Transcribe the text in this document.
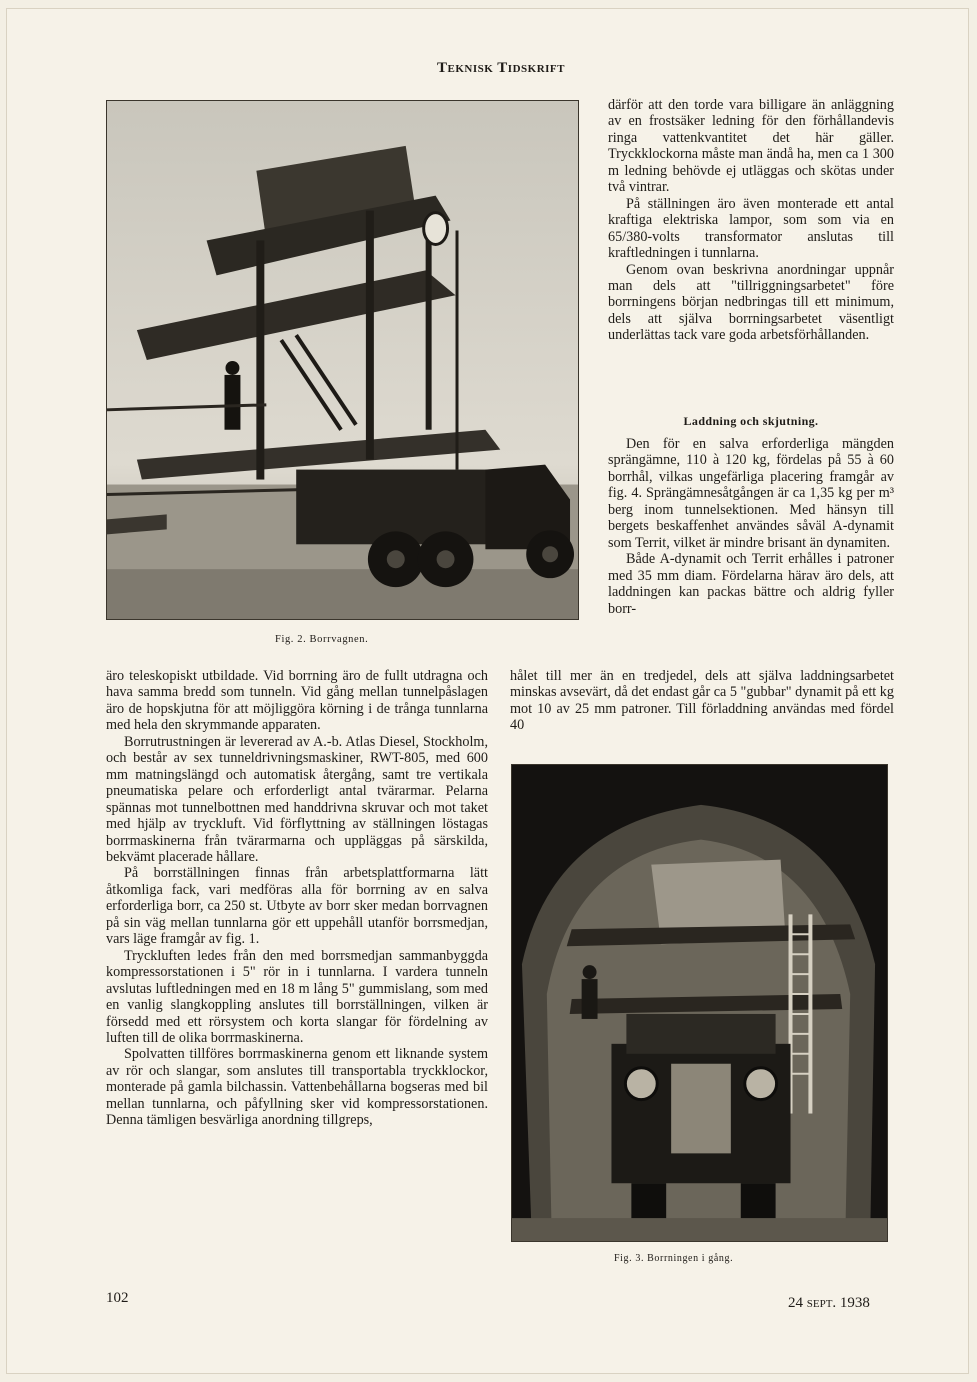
Teknisk Tidskrift
Fig. 2. Borrvagnen.

därför att den torde vara billigare än anläggning av en frostsäker ledning för den förhållandevis ringa vattenkvantitet det här gäller. Tryckklockorna måste man ändå ha, men ca 1 300 m ledning behövde ej utläggas och skötas under två vintrar.

På ställningen äro även monterade ett antal kraftiga elektriska lampor, som som via en 65/380-volts transformator anslutas till kraftledningen i tunnlarna.

Genom ovan beskrivna anordningar uppnår man dels att "tillriggningsarbetet" före borrningens början nedbringas till ett minimum, dels att själva borrningsarbetet väsentligt underlättas tack vare goda arbetsförhållanden.

Laddning och skjutning.

Den för en salva erforderliga mängden sprängämne, 110 à 120 kg, fördelas på 55 à 60 borrhål, vilkas ungefärliga placering framgår av fig. 4. Sprängämnesåtgången är ca 1,35 kg per m³ berg inom tunnelsektionen. Med hänsyn till bergets beskaffenhet användes såväl A-dynamit som Territ, vilket är mindre brisant än dynamiten.

Både A-dynamit och Territ erhålles i patroner med 35 mm diam. Fördelarna härav äro dels, att laddningen kan packas bättre och aldrig fyller borr-

hålet till mer än en tredjedel, dels att själva laddningsarbetet minskas avsevärt, då det endast går ca 5 "gubbar" dynamit på ett kg mot 10 av 25 mm patroner. Till förladdning användas med fördel 40

äro teleskopiskt utbildade. Vid borrning äro de fullt utdragna och hava samma bredd som tunneln. Vid gång mellan tunnelpåslagen äro de hopskjutna för att möjliggöra körning i de trånga tunnlarna med hela den skrymmande apparaten.

Borrutrustningen är levererad av A.-b. Atlas Diesel, Stockholm, och består av sex tunneldrivningsmaskiner, RWT-805, med 600 mm matningslängd och automatisk återgång, samt tre vertikala pneumatiska pelare och erforderligt antal tvärarmar. Pelarna spännas mot tunnelbottnen med handdrivna skruvar och mot taket med hjälp av tryckluft. Vid förflyttning av ställningen löstagas borrmaskinerna från tvärarmarna och uppläggas på särskilda, bekvämt placerade hållare.

På borrställningen finnas från arbetsplattformarna lätt åtkomliga fack, vari medföras alla för borrning av en salva erforderliga borr, ca 250 st. Utbyte av borr sker medan borrvagnen på sin väg mellan tunnlarna gör ett uppehåll utanför borrsmedjan, vars läge framgår av fig. 1.

Tryckluften ledes från den med borrsmedjan sammanbyggda kompressorstationen i 5" rör in i tunnlarna. I vardera tunneln avslutas luftledningen med en 18 m lång 5" gummislang, som med en vanlig slangkoppling anslutes till borrställningen, vilken är försedd med ett rörsystem och korta slangar för fördelning av luften till de olika borrmaskinerna.

Spolvatten tillföres borrmaskinerna genom ett liknande system av rör och slangar, som anslutes till transportabla tryckklockor, monterade på gamla bilchassin. Vattenbehållarna bogseras med bil mellan tunnlarna, och påfyllning sker vid kompressorstationen. Denna tämligen besvärliga anordning tillgreps,

Fig. 3. Borrningen i gång.
102	24 sept. 1938
